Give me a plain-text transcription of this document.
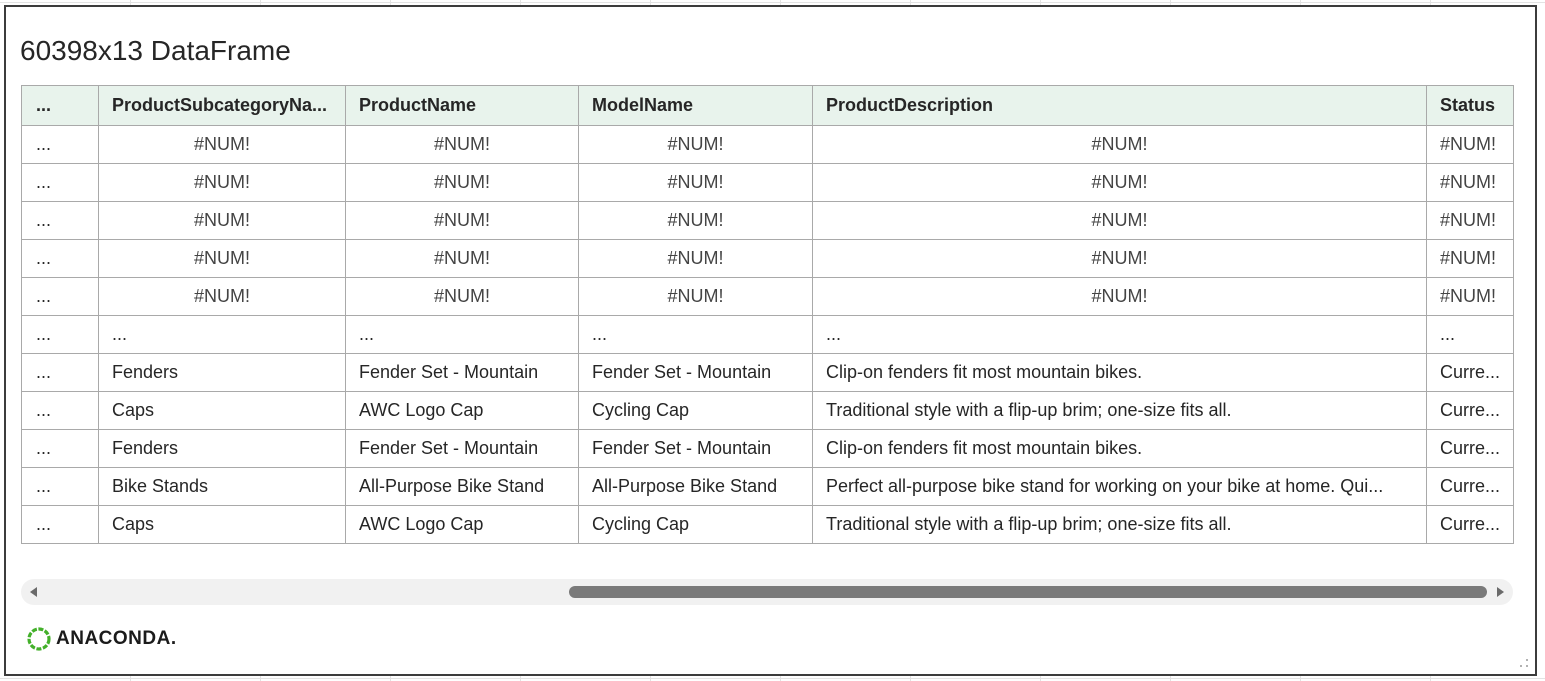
60398x13 DataFrame
...	ProductSubcategoryNa...	ProductName	ModelName	ProductDescription	Status
...	#NUM!	#NUM!	#NUM!	#NUM!	#NUM!
...	#NUM!	#NUM!	#NUM!	#NUM!	#NUM!
...	#NUM!	#NUM!	#NUM!	#NUM!	#NUM!
...	#NUM!	#NUM!	#NUM!	#NUM!	#NUM!
...	#NUM!	#NUM!	#NUM!	#NUM!	#NUM!
...	...	...	...	...	...
...	Fenders	Fender Set - Mountain	Fender Set - Mountain	Clip-on fenders fit most mountain bikes.	Curre...
...	Caps	AWC Logo Cap	Cycling Cap	Traditional style with a flip-up brim; one-size fits all.	Curre...
...	Fenders	Fender Set - Mountain	Fender Set - Mountain	Clip-on fenders fit most mountain bikes.	Curre...
...	Bike Stands	All-Purpose Bike Stand	All-Purpose Bike Stand	Perfect all-purpose bike stand for working on your bike at home. Qui...	Curre...
...	Caps	AWC Logo Cap	Cycling Cap	Traditional style with a flip-up brim; one-size fits all.	Curre...
ANACONDA.
